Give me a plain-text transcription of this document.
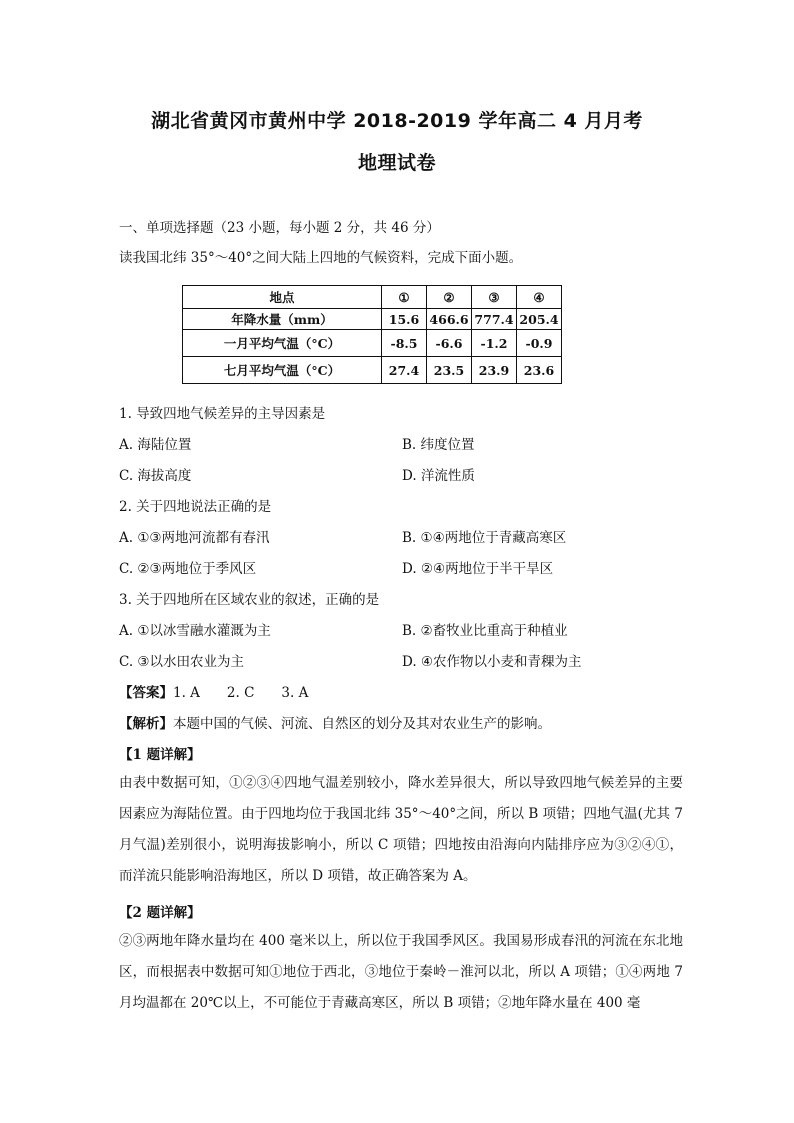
湖北省黄冈市黄州中学 2018-2019 学年高二 4 月月考
地理试卷
一、单项选择题（23 小题，每小题 2 分，共 46 分）
读我国北纬 35°～40°之间大陆上四地的气候资料，完成下面小题。
地点	①	②	③	④
年降水量（mm）	15.6	466.6	777.4	205.4
一月平均气温（°C）	-8.5	-6.6	-1.2	-0.9
七月平均气温（°C）	27.4	23.5	23.9	23.6
1. 导致四地气候差异的主导因素是
A. 海陆位置	B. 纬度位置
C. 海拔高度	D. 洋流性质
2. 关于四地说法正确的是
A. ①③两地河流都有春汛	B. ①④两地位于青藏高寒区
C. ②③两地位于季风区	D. ②④两地位于半干旱区
3. 关于四地所在区域农业的叙述，正确的是
A. ①以冰雪融水灌溉为主	B. ②畜牧业比重高于种植业
C. ③以水田农业为主	D. ④农作物以小麦和青稞为主
【答案】1. A　　2. C　　3. A
【解析】本题中国的气候、河流、自然区的划分及其对农业生产的影响。
【1 题详解】

由表中数据可知，①②③④四地气温差别较小，降水差异很大，所以导致四地气候差异的主要因素应为海陆位置。由于四地均位于我国北纬 35°～40°之间，所以 B 项错；四地气温(尤其 7 月气温)差别很小，说明海拔影响小，所以 C 项错；四地按由沿海向内陆排序应为③②④①，而洋流只能影响沿海地区，所以 D 项错，故正确答案为 A。

【2 题详解】

②③两地年降水量均在 400 毫米以上，所以位于我国季风区。我国易形成春汛的河流在东北地区，而根据表中数据可知①地位于西北，③地位于秦岭－淮河以北，所以 A 项错；①④两地 7 月均温都在 20℃以上，不可能位于青藏高寒区，所以 B 项错；②地年降水量在 400 毫
